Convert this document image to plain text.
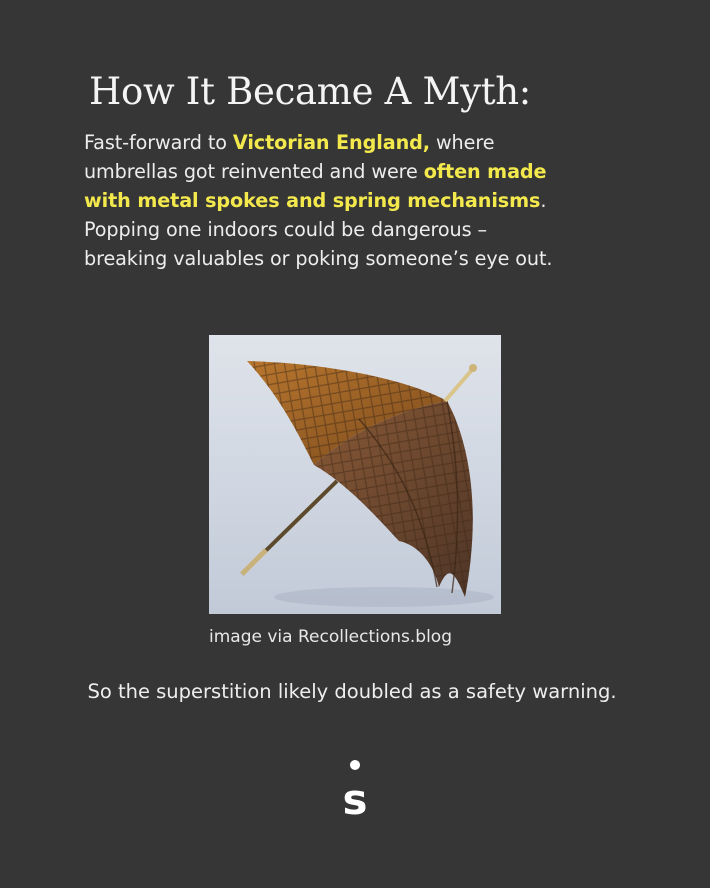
How It Became A Myth:

Fast-forward to Victorian England, where umbrellas got reinvented and were often made with metal spokes and spring mechanisms. Popping one indoors could be dangerous – breaking valuables or poking someone’s eye out.

image via Recollections.blog
So the superstition likely doubled as a safety warning.
s
